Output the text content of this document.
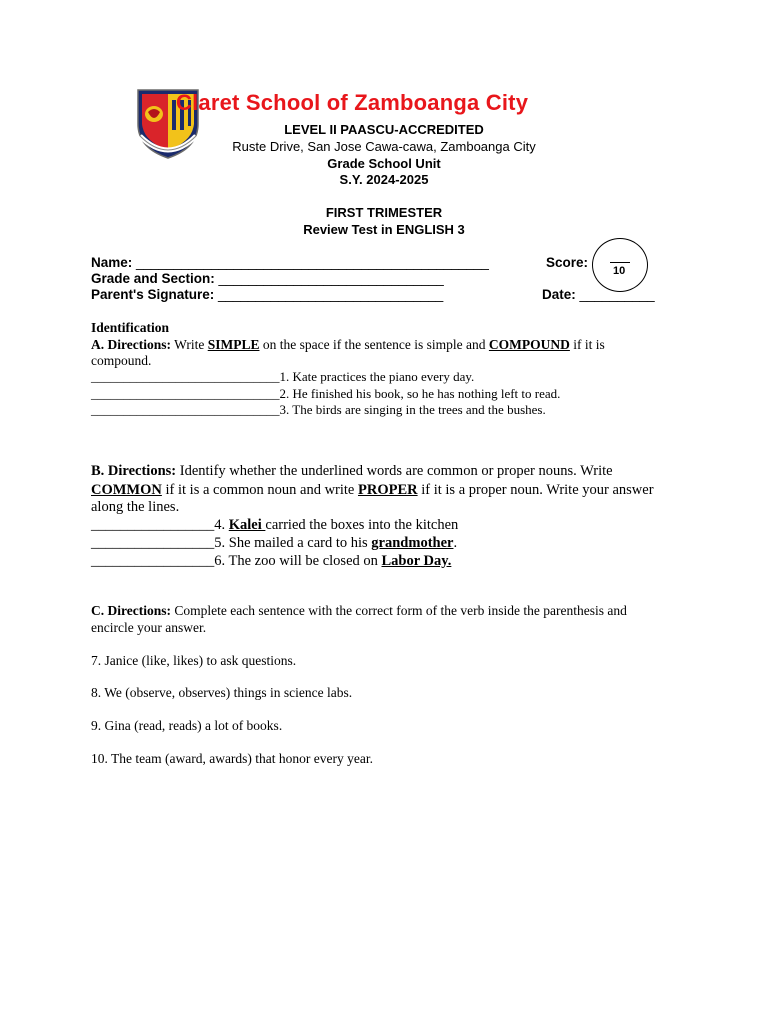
Claret School of Zamboanga City
LEVEL II PAASCU-ACCREDITED
Ruste Drive, San Jose Cawa-cawa, Zamboanga City
Grade School Unit
S.Y. 2024-2025
FIRST TRIMESTER
Review Test in ENGLISH 3
Name: _______________________________________________
Grade and Section: ______________________________
Parent's Signature: ______________________________
Score:
10
Date: __________
Identification
A. Directions: Write SIMPLE on the space if the sentence is simple and COMPOUND if it is
compound.
_____________________________1. Kate practices the piano every day.
_____________________________2. He finished his book, so he has nothing left to read.
_____________________________3. The birds are singing in the trees and the bushes.
B. Directions: Identify whether the underlined words are common or proper nouns. Write
COMMON if it is a common noun and write PROPER if it is a proper noun. Write your answer
along the lines.
_________________4. Kalei carried the boxes into the kitchen
_________________5. She mailed a card to his grandmother.
_________________6. The zoo will be closed on Labor Day.
C. Directions: Complete each sentence with the correct form of the verb inside the parenthesis and
encircle your answer.
7. Janice (like, likes) to ask questions.
8. We (observe, observes) things in science labs.
9. Gina (read, reads) a lot of books.
10. The team (award, awards) that honor every year.
